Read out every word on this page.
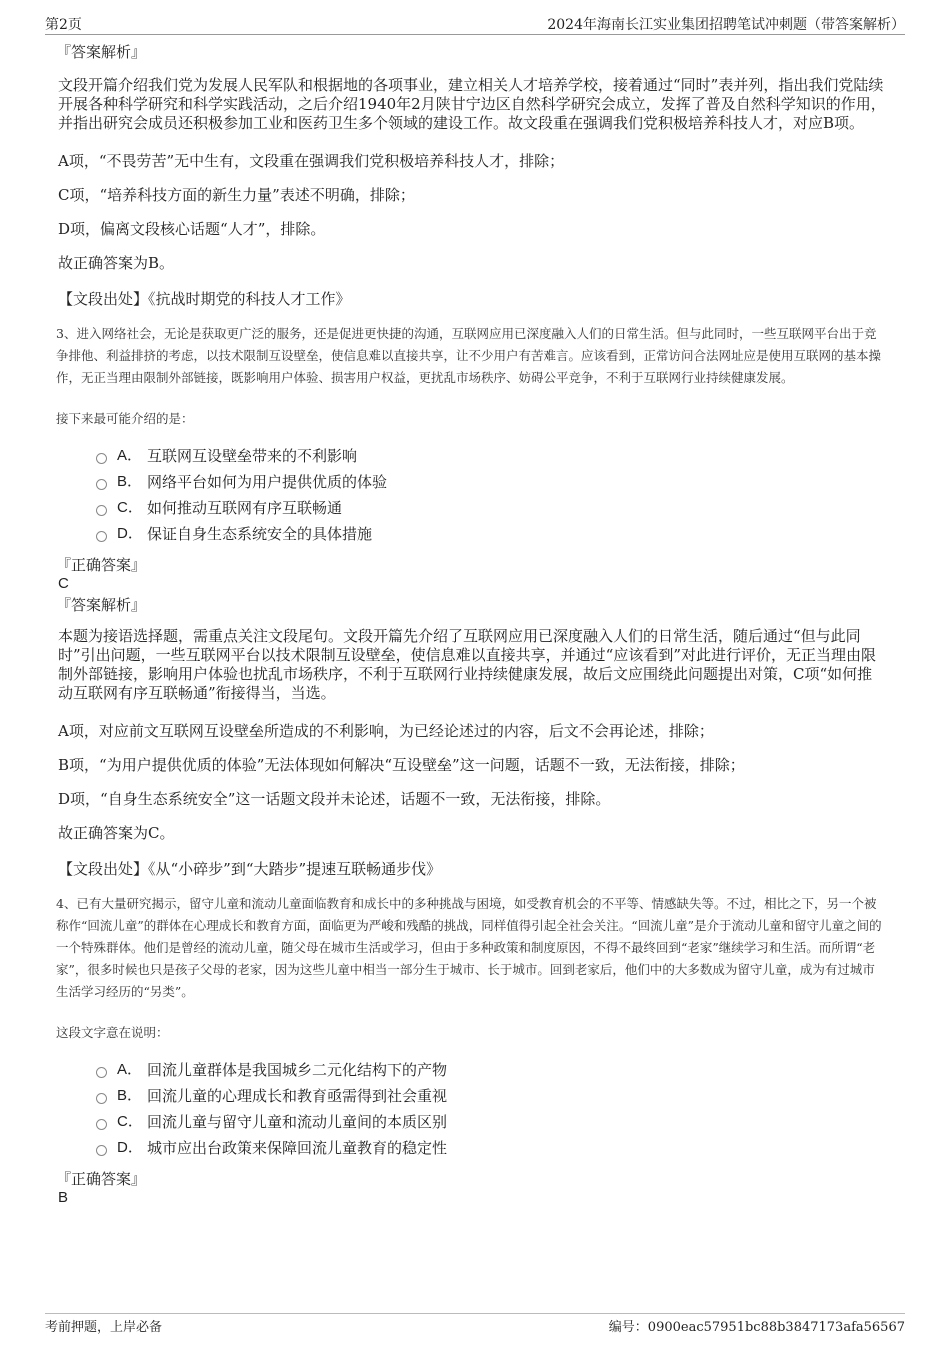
第2页	2024年海南长江实业集团招聘笔试冲刺题（带答案解析）
『答案解析』
文段开篇介绍我们党为发展人民军队和根据地的各项事业，建立相关人才培养学校，接着通过“同时”表并列，指出我们党陆续开展各种科学研究和科学实践活动，之后介绍1940年2月陕甘宁边区自然科学研究会成立，发挥了普及自然科学知识的作用，并指出研究会成员还积极参加工业和医药卫生多个领域的建设工作。故文段重在强调我们党积极培养科技人才，对应B项。
A项，“不畏劳苦”无中生有，文段重在强调我们党积极培养科技人才，排除；
C项，“培养科技方面的新生力量”表述不明确，排除；
D项，偏离文段核心话题“人才”，排除。
故正确答案为B。
【文段出处】《抗战时期党的科技人才工作》
3、进入网络社会，无论是获取更广泛的服务，还是促进更快捷的沟通，互联网应用已深度融入人们的日常生活。但与此同时，一些互联网平台出于竞争排他、利益排挤的考虑，以技术限制互设壁垒，使信息难以直接共享，让不少用户有苦难言。应该看到，正常访问合法网址应是使用互联网的基本操作，无正当理由限制外部链接，既影响用户体验、损害用户权益，更扰乱市场秩序、妨碍公平竞争，不利于互联网行业持续健康发展。
接下来最可能介绍的是：
A． 互联网互设壁垒带来的不利影响
B． 网络平台如何为用户提供优质的体验
C． 如何推动互联网有序互联畅通
D． 保证自身生态系统安全的具体措施
『正确答案』
C
『答案解析』
本题为接语选择题，需重点关注文段尾句。文段开篇先介绍了互联网应用已深度融入人们的日常生活，随后通过“但与此同时”引出问题，一些互联网平台以技术限制互设壁垒，使信息难以直接共享，并通过“应该看到”对此进行评价，无正当理由限制外部链接，影响用户体验也扰乱市场秩序，不利于互联网行业持续健康发展，故后文应围绕此问题提出对策，C项“如何推动互联网有序互联畅通”衔接得当，当选。
A项，对应前文互联网互设壁垒所造成的不利影响，为已经论述过的内容，后文不会再论述，排除；
B项，“为用户提供优质的体验”无法体现如何解决“互设壁垒”这一问题，话题不一致，无法衔接，排除；
D项，“自身生态系统安全”这一话题文段并未论述，话题不一致，无法衔接，排除。
故正确答案为C。
【文段出处】《从“小碎步”到“大踏步”提速互联畅通步伐》
4、已有大量研究揭示，留守儿童和流动儿童面临教育和成长中的多种挑战与困境，如受教育机会的不平等、情感缺失等。不过，相比之下，另一个被称作“回流儿童”的群体在心理成长和教育方面，面临更为严峻和残酷的挑战，同样值得引起全社会关注。“回流儿童”是介于流动儿童和留守儿童之间的一个特殊群体。他们是曾经的流动儿童，随父母在城市生活或学习，但由于多种政策和制度原因，不得不最终回到“老家”继续学习和生活。而所谓“老家”，很多时候也只是孩子父母的老家，因为这些儿童中相当一部分生于城市、长于城市。回到老家后，他们中的大多数成为留守儿童，成为有过城市生活学习经历的“另类”。
这段文字意在说明：
A． 回流儿童群体是我国城乡二元化结构下的产物
B． 回流儿童的心理成长和教育亟需得到社会重视
C． 回流儿童与留守儿童和流动儿童间的本质区别
D． 城市应出台政策来保障回流儿童教育的稳定性
『正确答案』
B
考前押题，上岸必备	编号：0900eac57951bc88b3847173afa56567
